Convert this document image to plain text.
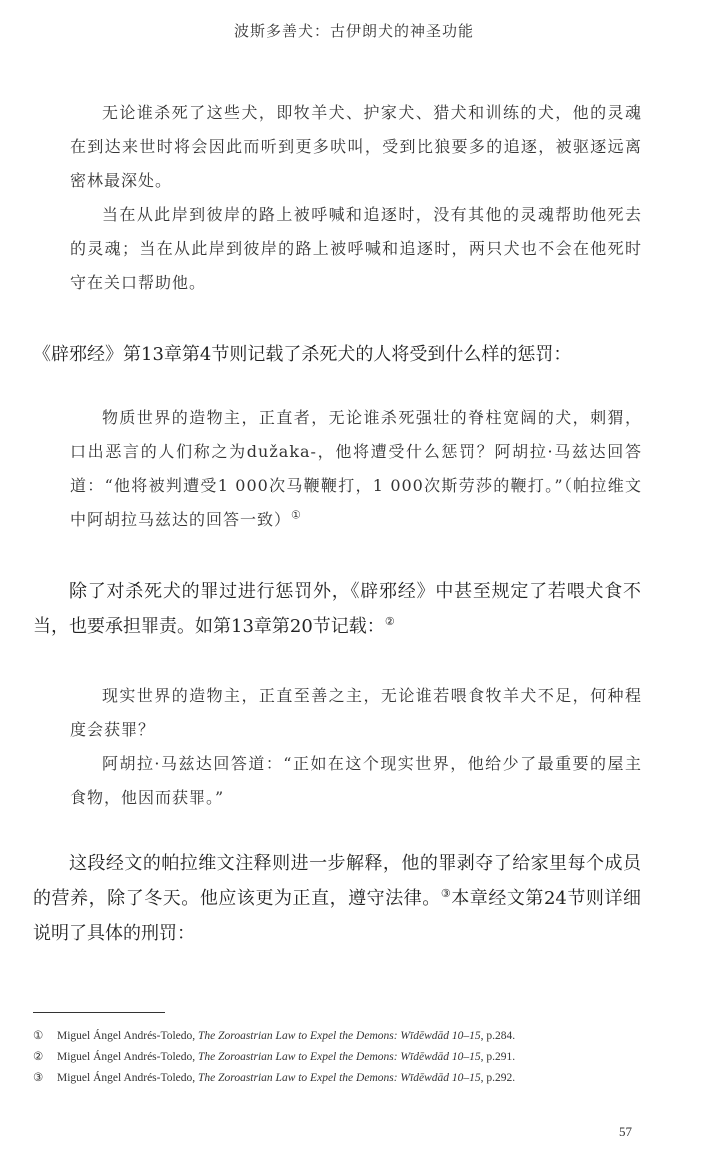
波斯多善犬：古伊朗犬的神圣功能

无论谁杀死了这些犬，即牧羊犬、护家犬、猎犬和训练的犬，他的灵魂在到达来世时将会因此而听到更多吠叫，受到比狼要多的追逐，被驱逐远离密林最深处。

当在从此岸到彼岸的路上被呼喊和追逐时，没有其他的灵魂帮助他死去的灵魂；当在从此岸到彼岸的路上被呼喊和追逐时，两只犬也不会在他死时守在关口帮助他。

《辟邪经》第13章第4节则记载了杀死犬的人将受到什么样的惩罚：

物质世界的造物主，正直者，无论谁杀死强壮的脊柱宽阔的犬，刺猬，口出恶言的人们称之为dužaka-，他将遭受什么惩罚？阿胡拉·马兹达回答道：“他将被判遭受1 000次马鞭鞭打，1 000次斯劳莎的鞭打。”（帕拉维文中阿胡拉马兹达的回答一致）①

除了对杀死犬的罪过进行惩罚外，《辟邪经》中甚至规定了若喂犬食不当，也要承担罪责。如第13章第20节记载：②

现实世界的造物主，正直至善之主，无论谁若喂食牧羊犬不足，何种程度会获罪？

阿胡拉·马兹达回答道：“正如在这个现实世界，他给少了最重要的屋主食物，他因而获罪。”

这段经文的帕拉维文注释则进一步解释，他的罪剥夺了给家里每个成员的营养，除了冬天。他应该更为正直，遵守法律。③本章经文第24节则详细说明了具体的刑罚：

① Miguel Ángel Andrés-Toledo, The Zoroastrian Law to Expel the Demons: Wīdēwdād 10–15, p.284.
② Miguel Ángel Andrés-Toledo, The Zoroastrian Law to Expel the Demons: Wīdēwdād 10–15, p.291.
③ Miguel Ángel Andrés-Toledo, The Zoroastrian Law to Expel the Demons: Wīdēwdād 10–15, p.292.
57
